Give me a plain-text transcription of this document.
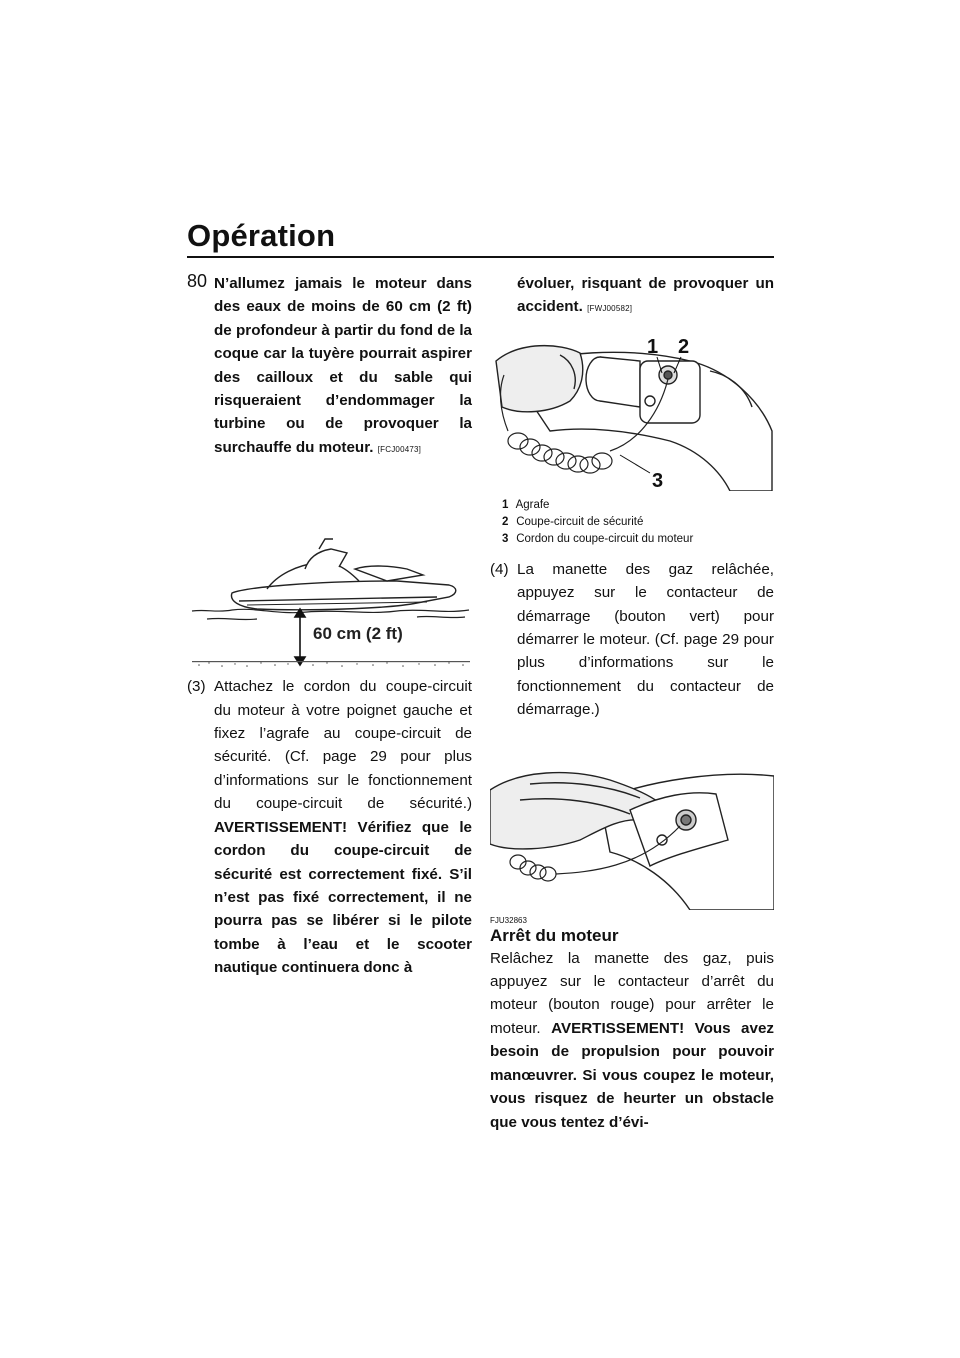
Opération
80 N’allumez jamais le moteur dans des eaux de moins de 60 cm (2 ft) de profondeur à partir du fond de la coque car la tuyère pourrait aspirer des cailloux et du sable qui risqueraient d’endommager la turbine ou de provoquer la surchauffe du moteur. [FCJ00473]

60 cm (2 ft)
(3) Attachez le cordon du coupe-circuit du moteur à votre poignet gauche et fixez l’agrafe au coupe-circuit de sécurité. (Cf. page 29 pour plus d’informations sur le fonctionnement du coupe-circuit de sécurité.) AVERTISSEMENT! Vérifiez que le cordon du coupe-circuit de sécurité est correctement fixé. S’il n’est pas fixé correctement, il ne pourra pas se libérer si le pilote tombe à l’eau et le scooter nautique continuera donc à

évoluer, risquant de provoquer un accident. [FWJ00582]

1 2
3
1 Agrafe
2 Coupe-circuit de sécurité
3 Cordon du coupe-circuit du moteur
(4) La manette des gaz relâchée, appuyez sur le contacteur de démarrage (bouton vert) pour démarrer le moteur. (Cf. page 29 pour plus d’informations sur le fonctionnement du contacteur de démarrage.)
FJU32863
Arrêt du moteur

Relâchez la manette des gaz, puis appuyez sur le contacteur d’arrêt du moteur (bouton rouge) pour arrêter le moteur. AVERTISSEMENT! Vous avez besoin de propulsion pour pouvoir manœuvrer. Si vous coupez le moteur, vous risquez de heurter un obstacle que vous tentez d’évi-
